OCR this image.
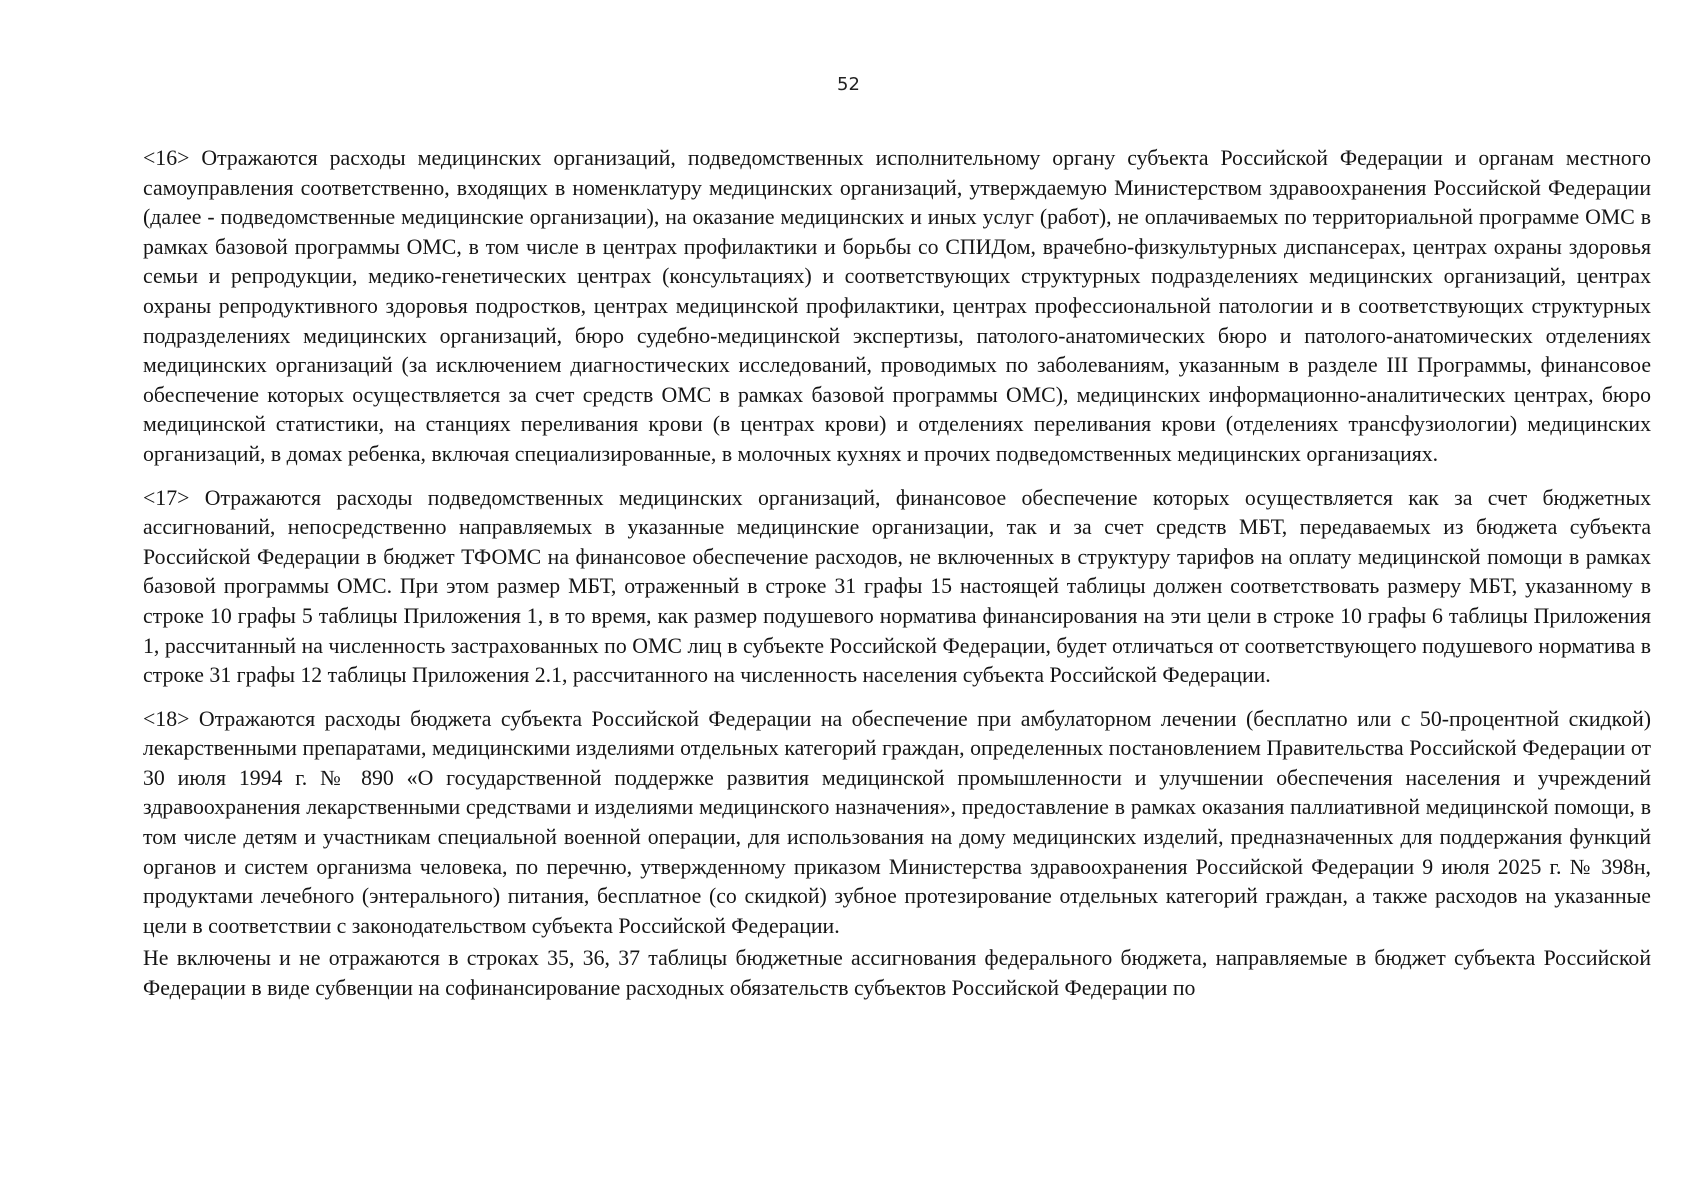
52

<16> Отражаются расходы медицинских организаций, подведомственных исполнительному органу субъекта Российской Федерации и органам местного самоуправления соответственно, входящих в номенклатуру медицинских организаций, утверждаемую Министерством здравоохранения Российской Федерации (далее - подведомственные медицинские организации), на оказание медицинских и иных услуг (работ), не оплачиваемых по территориальной программе ОМС в рамках базовой программы ОМС, в том числе в центрах профилактики и борьбы со СПИДом, врачебно-физкультурных диспансерах, центрах охраны здоровья семьи и репродукции, медико-генетических центрах (консультациях) и соответствующих структурных подразделениях медицинских организаций, центрах охраны репродуктивного здоровья подростков, центрах медицинской профилактики, центрах профессиональной патологии и в соответствующих структурных подразделениях медицинских организаций, бюро судебно-медицинской экспертизы, патолого-анатомических бюро и патолого-анатомических отделениях медицинских организаций (за исключением диагностических исследований, проводимых по заболеваниям, указанным в разделе III Программы, финансовое обеспечение которых осуществляется за счет средств ОМС в рамках базовой программы ОМС), медицинских информационно-аналитических центрах, бюро медицинской статистики, на станциях переливания крови (в центрах крови) и отделениях переливания крови (отделениях трансфузиологии) медицинских организаций, в домах ребенка, включая специализированные, в молочных кухнях и прочих подведомственных медицинских организациях.

<17> Отражаются расходы подведомственных медицинских организаций, финансовое обеспечение которых осуществляется как за счет бюджетных ассигнований, непосредственно направляемых в указанные медицинские организации, так и за счет средств МБТ, передаваемых из бюджета субъекта Российской Федерации в бюджет ТФОМС на финансовое обеспечение расходов, не включенных в структуру тарифов на оплату медицинской помощи в рамках базовой программы ОМС. При этом размер МБТ, отраженный в строке 31 графы 15 настоящей таблицы должен соответствовать размеру МБТ, указанному в строке 10 графы 5 таблицы Приложения 1, в то время, как размер подушевого норматива финансирования на эти цели в строке 10 графы 6 таблицы Приложения 1, рассчитанный на численность застрахованных по ОМС лиц в субъекте Российской Федерации, будет отличаться от соответствующего подушевого норматива в строке 31 графы 12 таблицы Приложения 2.1, рассчитанного на численность населения субъекта Российской Федерации.

<18> Отражаются расходы бюджета субъекта Российской Федерации на обеспечение при амбулаторном лечении (бесплатно или с 50-процентной скидкой) лекарственными препаратами, медицинскими изделиями отдельных категорий граждан, определенных постановлением Правительства Российской Федерации от 30 июля 1994 г. № 890 «О государственной поддержке развития медицинской промышленности и улучшении обеспечения населения и учреждений здравоохранения лекарственными средствами и изделиями медицинского назначения», предоставление в рамках оказания паллиативной медицинской помощи, в том числе детям и участникам специальной военной операции, для использования на дому медицинских изделий, предназначенных для поддержания функций органов и систем организма человека, по перечню, утвержденному приказом Министерства здравоохранения Российской Федерации 9 июля 2025 г. № 398н, продуктами лечебного (энтерального) питания, бесплатное (со скидкой) зубное протезирование отдельных категорий граждан, а также расходов на указанные цели в соответствии с законодательством субъекта Российской Федерации.

Не включены и не отражаются в строках 35, 36, 37 таблицы бюджетные ассигнования федерального бюджета, направляемые в бюджет субъекта Российской Федерации в виде субвенции на софинансирование расходных обязательств субъектов Российской Федерации по
